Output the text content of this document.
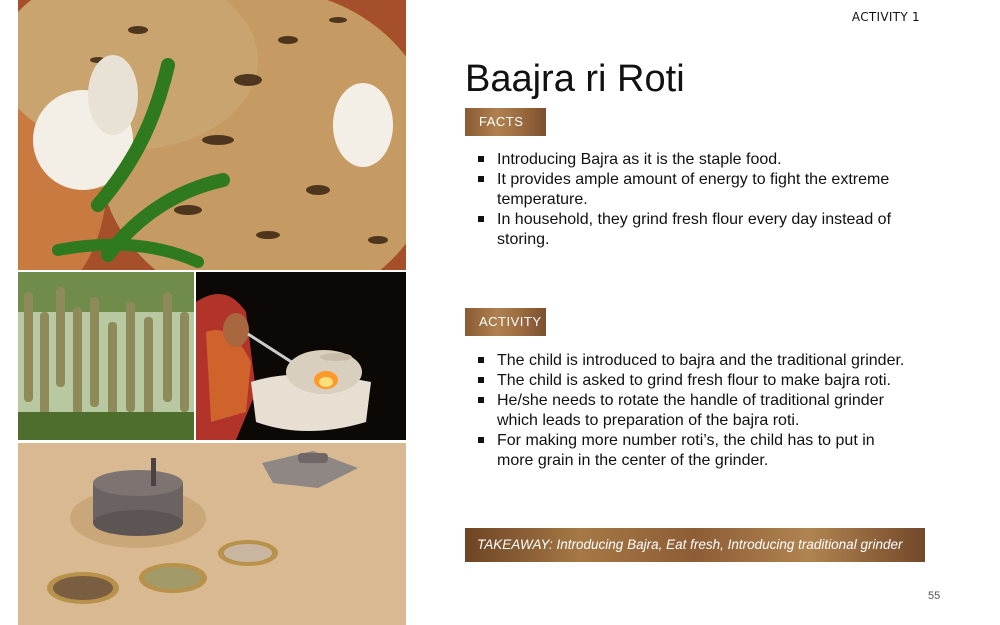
ACTIVITY 1
Baajra ri Roti
FACTS
Introducing Bajra as it is the staple food.
It provides ample amount of energy to fight the extreme temperature.
In household, they grind fresh flour every day instead of storing.
ACTIVITY
The child is introduced to bajra and the traditional grinder.
The child is asked to grind fresh flour to make bajra roti.
He/she needs to rotate the handle of traditional grinder which leads to preparation of the bajra roti.
For making more number roti’s, the child has to put in more grain in the center of the grinder.
TAKEAWAY: Introducing Bajra, Eat fresh, Introducing traditional grinder
55
